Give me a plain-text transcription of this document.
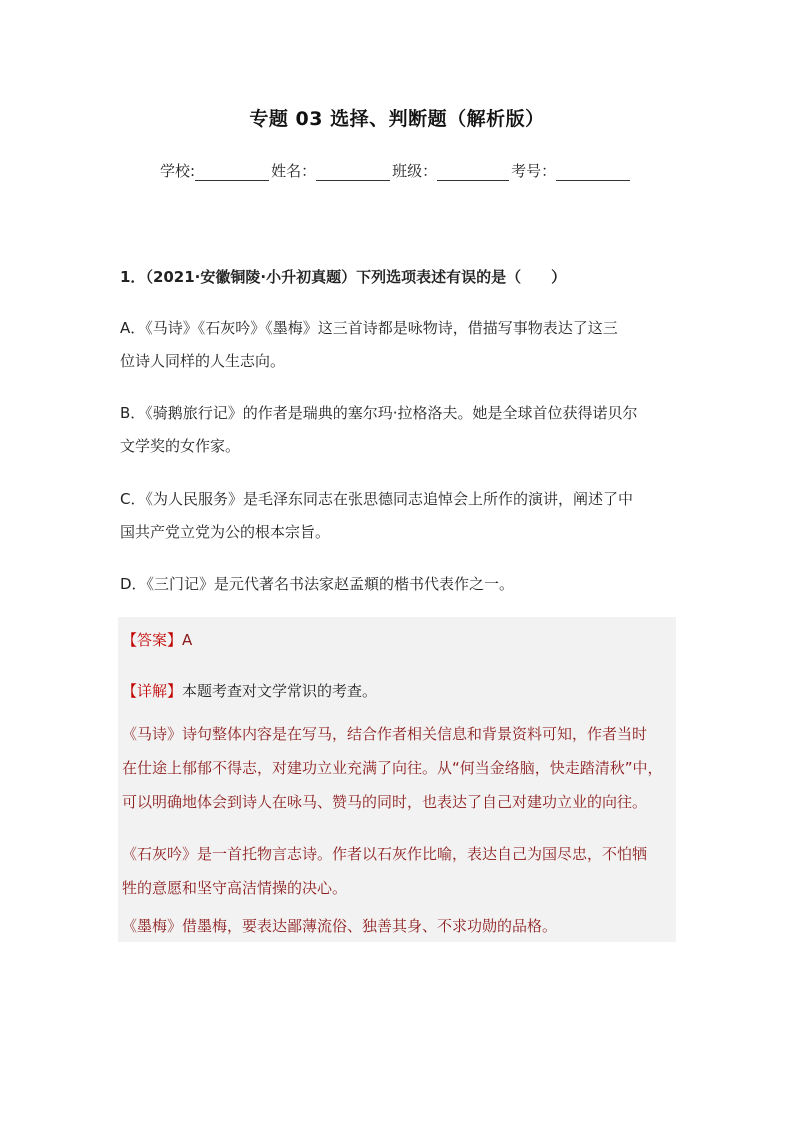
专题 03 选择、判断题（解析版）
学校:	姓名：	班级：	考号：
1．（2021·安徽铜陵·小升初真题）下列选项表述有误的是（　　）
A．《马诗》《石灰吟》《墨梅》这三首诗都是咏物诗，借描写事物表达了这三
位诗人同样的人生志向。
B．《骑鹅旅行记》的作者是瑞典的塞尔玛·拉格洛夫。她是全球首位获得诺贝尔
文学奖的女作家。
C．《为人民服务》是毛泽东同志在张思德同志追悼会上所作的演讲，阐述了中
国共产党立党为公的根本宗旨。
D．《三门记》是元代著名书法家赵孟頫的楷书代表作之一。
【答案】A
【详解】本题考查对文学常识的考查。
《马诗》诗句整体内容是在写马，结合作者相关信息和背景资料可知，作者当时
在仕途上郁郁不得志，对建功立业充满了向往。从“何当金络脑，快走踏清秋”中，
可以明确地体会到诗人在咏马、赞马的同时，也表达了自己对建功立业的向往。
《石灰吟》是一首托物言志诗。作者以石灰作比喻，表达自己为国尽忠，不怕牺
牲的意愿和坚守高洁情操的决心。
《墨梅》借墨梅，要表达鄙薄流俗、独善其身、不求功勋的品格。
